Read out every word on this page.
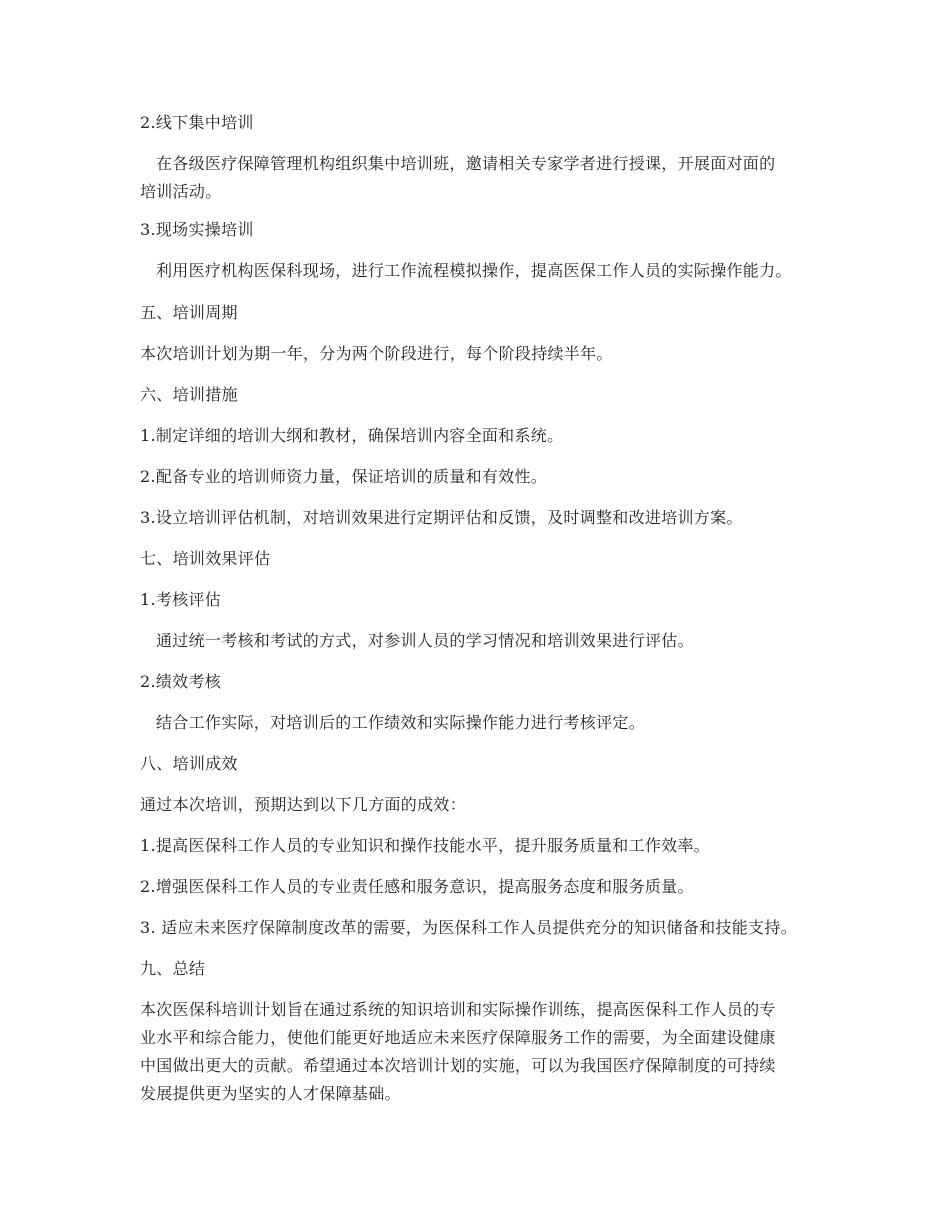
2.线下集中培训

在各级医疗保障管理机构组织集中培训班，邀请相关专家学者进行授课，开展面对面的
培训活动。

3.现场实操培训

利用医疗机构医保科现场，进行工作流程模拟操作，提高医保工作人员的实际操作能力。

五、培训周期

本次培训计划为期一年，分为两个阶段进行，每个阶段持续半年。

六、培训措施

1.制定详细的培训大纲和教材，确保培训内容全面和系统。

2.配备专业的培训师资力量，保证培训的质量和有效性。

3.设立培训评估机制，对培训效果进行定期评估和反馈，及时调整和改进培训方案。

七、培训效果评估

1.考核评估

通过统一考核和考试的方式，对参训人员的学习情况和培训效果进行评估。

2.绩效考核

结合工作实际，对培训后的工作绩效和实际操作能力进行考核评定。

八、培训成效

通过本次培训，预期达到以下几方面的成效：

1.提高医保科工作人员的专业知识和操作技能水平，提升服务质量和工作效率。

2.增强医保科工作人员的专业责任感和服务意识，提高服务态度和服务质量。

3. 适应未来医疗保障制度改革的需要，为医保科工作人员提供充分的知识储备和技能支持。

九、总结

本次医保科培训计划旨在通过系统的知识培训和实际操作训练，提高医保科工作人员的专
业水平和综合能力，使他们能更好地适应未来医疗保障服务工作的需要，为全面建设健康
中国做出更大的贡献。希望通过本次培训计划的实施，可以为我国医疗保障制度的可持续
发展提供更为坚实的人才保障基础。
